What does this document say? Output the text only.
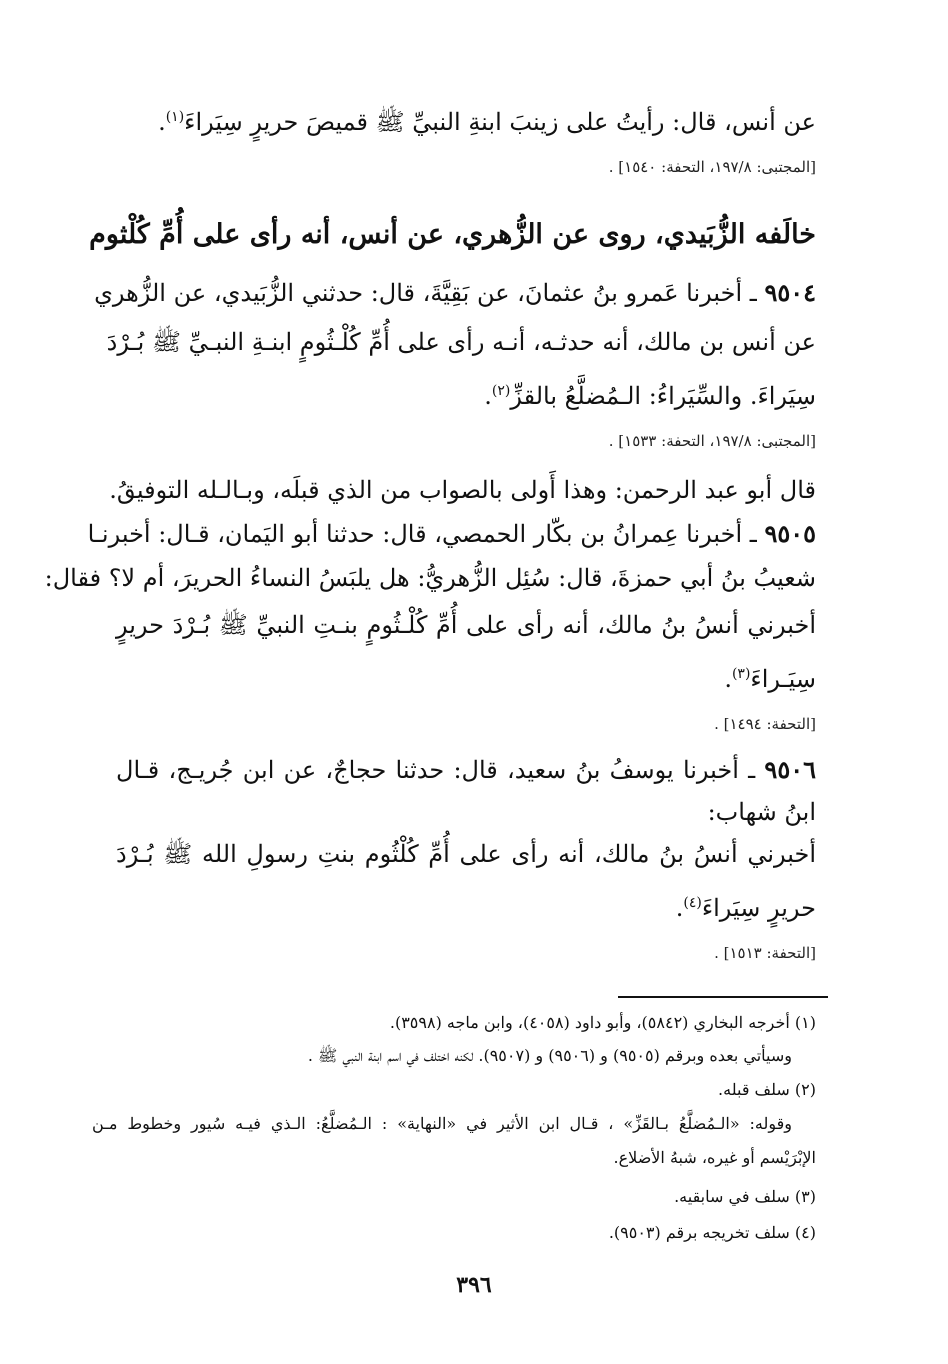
عن أنس، قال: رأيتُ على زينبَ ابنةِ النبيِّ ﷺ قميصَ حريرٍ سِيَراءَ$^{(١)}$.
[المجتبى: ١٩٧/٨، التحفة: ١٥٤٠] .
خالَفه الزُّبَيدي، روى عن الزُّهري، عن أنس، أنه رأى على أُمِّ كُلْثوم
٩٥٠٤ ـ أخبرنا عَمرو بنُ عثمانَ، عن بَقِيَّةَ، قال: حدثني الزُّبَيدي، عن الزُّهري
عن أنس بن مالك، أنه حدثـه، أنـه رأى على أُمِّ كُلْـثُومٍ ابنـةِ النبـيِّ ﷺ بُـرْدَ
سِيَراءَ. والسِّيَراءُ: الـمُضلَّعُ بالقزِّ$^{(٢)}$.
[المجتبى: ١٩٧/٨، التحفة: ١٥٣٣] .
قال أبو عبد الرحمن: وهذا أَولى بالصواب من الذي قبلَه، وبـالـله التوفيقُ.
٩٥٠٥ ـ أخبرنا عِمرانُ بن بكّار الحمصي، قال: حدثنا أبو اليَمان، قـال: أخبرنـا
شعيبُ بنُ أبي حمزةَ، قال: سُئِل الزُّهريُّ: هل يلبَسُ النساءُ الحريرَ، أم لا؟ فقال:
أخبرني أنسُ بنُ مالك، أنه رأى على أُمِّ كُلْـثُومٍ بنـتِ النبيِّ ﷺ بُـرْدَ حريرٍ
سِيَـراءَ$^{(٣)}$.
[التحفة: ١٤٩٤] .
٩٥٠٦ ـ أخبرنا يوسفُ بنُ سعيد، قال: حدثنا حجاجٌ، عن ابن جُريـج، قـال
ابنُ شهاب:
أخبرني أنسُ بنُ مالك، أنه رأى على أُمِّ كُلْثُوم بنتِ رسولِ الله ﷺ بُـرْدَ
حريرٍ سِيَراءَ$^{(٤)}$.
[التحفة: ١٥١٣] .
(١) أخرجه البخاري (٥٨٤٢)، وأبو داود (٤٠٥٨)، وابن ماجه (٣٥٩٨).
وسيأتي بعده وبرقم (٩٥٠٥) و (٩٥٠٦) و (٩٥٠٧). لكنه اختلف في اسم ابنة النبي ﷺ .
(٢) سلف قبله.
وقوله: «الـمُضلَّعُ بـالقَزِّ» ، قـال ابن الأثير في «النهاية» : الـمُضلَّعُ: الـذي فيـه سُيور وخطوط مـن
الإبْرَيْسم أو غيره، شبهُ الأضلاع.
(٣) سلف في سابقيه.
(٤) سلف تخريجه برقم (٩٥٠٣).
٣٩٦
